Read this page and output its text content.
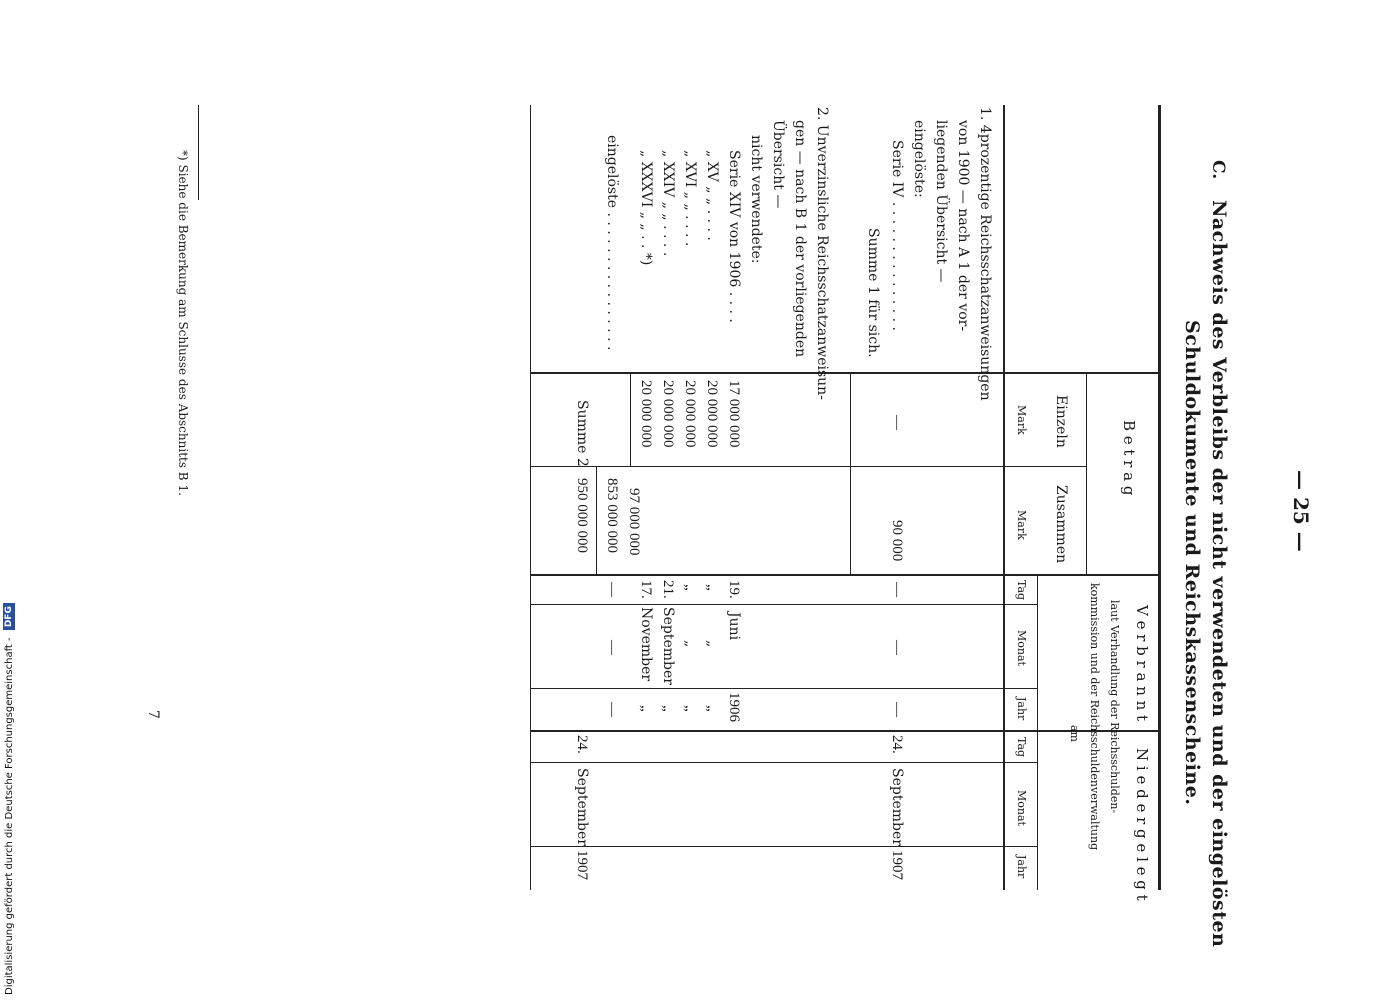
— 25 —
C.
Nachweis des Verbleibs der nicht verwendeten und der eingelösten
Schuldokumente und Reichskassenscheine.
B e t r a g
Einzeln
Zusammen
Mark
Mark
V e r b r a n n t
N i e d e r g e l e g t
laut Verhandlung der Reichsschulden-
kommission und der Reichsschuldenverwaltung
am
Tag
Monat
Jahr
Tag
Monat
Jahr
1. 4prozentige Reichsschatzanweisungen
von 1900 — nach A 1 der vor-
liegenden Übersicht —
eingelöste:
Serie IV . . . . . . . . . . . . . . .
—
90 000
—
—
—
24.
September
1907
Summe 1 für sich.
2. Unverzinsliche Reichsschatzanweisun-
gen — nach B 1 der vorliegenden
Übersicht —
nicht verwendete:
Serie XIV von 1906 . . . .
17 000 000
19.
Juni
1906
„ XV „ „ . . . .
20 000 000
„
„
„
„ XVI „ „ . . . .
20 000 000
„
„
„
„ XXIV „ „ . . . .
20 000 000
21.
September
„
„ XXXVI „ „ . . *)
20 000 000
17.
November
„
97 000 000
eingelöste . . . . . . . . . . . . . . . .
853 000 000
—
—
—
Summe 2
950 000 000
24.
September
1907
*) Siehe die Bemerkung am Schlusse des Abschnitts B 1.
7
Digitalisierung gefördert durch die Deutsche Forschungsgemeinschaft - DFG
